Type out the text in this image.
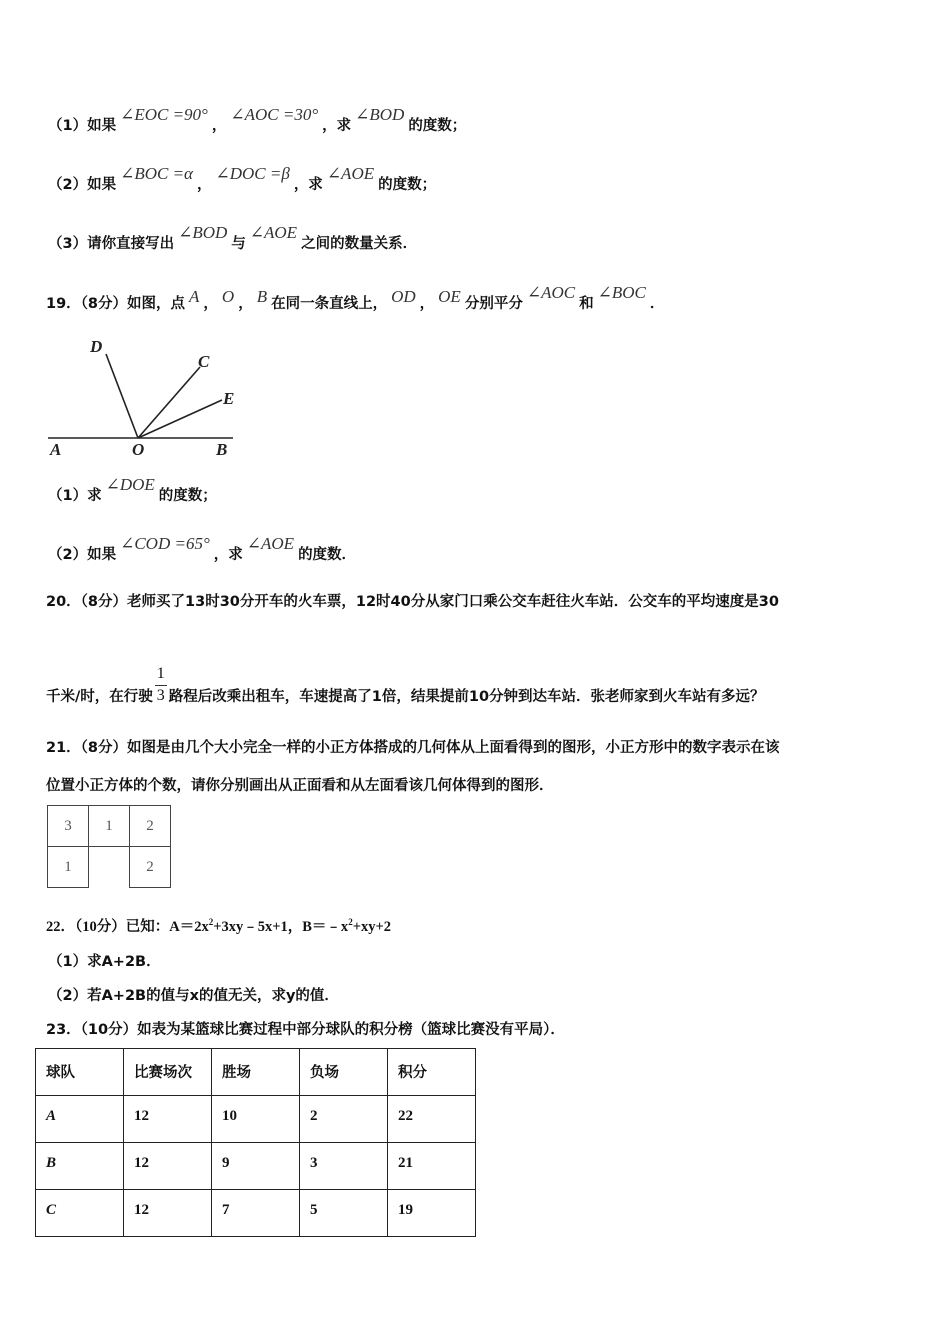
（1）如果∠EOC =90°，∠AOC =30°，求∠BOD的度数；
（2）如果∠BOC =α，∠DOC =β，求∠AOE的度数；
（3）请你直接写出∠BOD与∠AOE之间的数量关系．
19．（8分）如图，点 A ， O ， B 在同一条直线上， OD ， OE 分别平分∠AOC和∠BOC．
D
C
E
A	O	B
（1）求∠DOE的度数；
（2）如果∠COD =65°，求∠AOE的度数．
20．（8分）老师买了13时30分开车的火车票，12时40分从家门口乘公交车赶往火车站．公交车的平均速度是30
千米/时，在行驶 $\frac{1}{3}$ 路程后改乘出租车，车速提高了1倍，结果提前10分钟到达车站．张老师家到火车站有多远？
21．（8分）如图是由几个大小完全一样的小正方体搭成的几何体从上面看得到的图形，小正方形中的数字表示在该
位置小正方体的个数，请你分别画出从正面看和从左面看该几何体得到的图形．
3	1	2
1		2
22．（10分）已知：$A=2x^2+3xy﹣5x+1$，$B=﹣x^2+xy+2$
（1）求A+2B．
（2）若A+2B的值与x的值无关，求y的值．
23．（10分）如表为某篮球比赛过程中部分球队的积分榜（篮球比赛没有平局）．
球队	比赛场次	胜场	负场	积分
A	12	10	2	22
B	12	9	3	21
C	12	7	5	19
